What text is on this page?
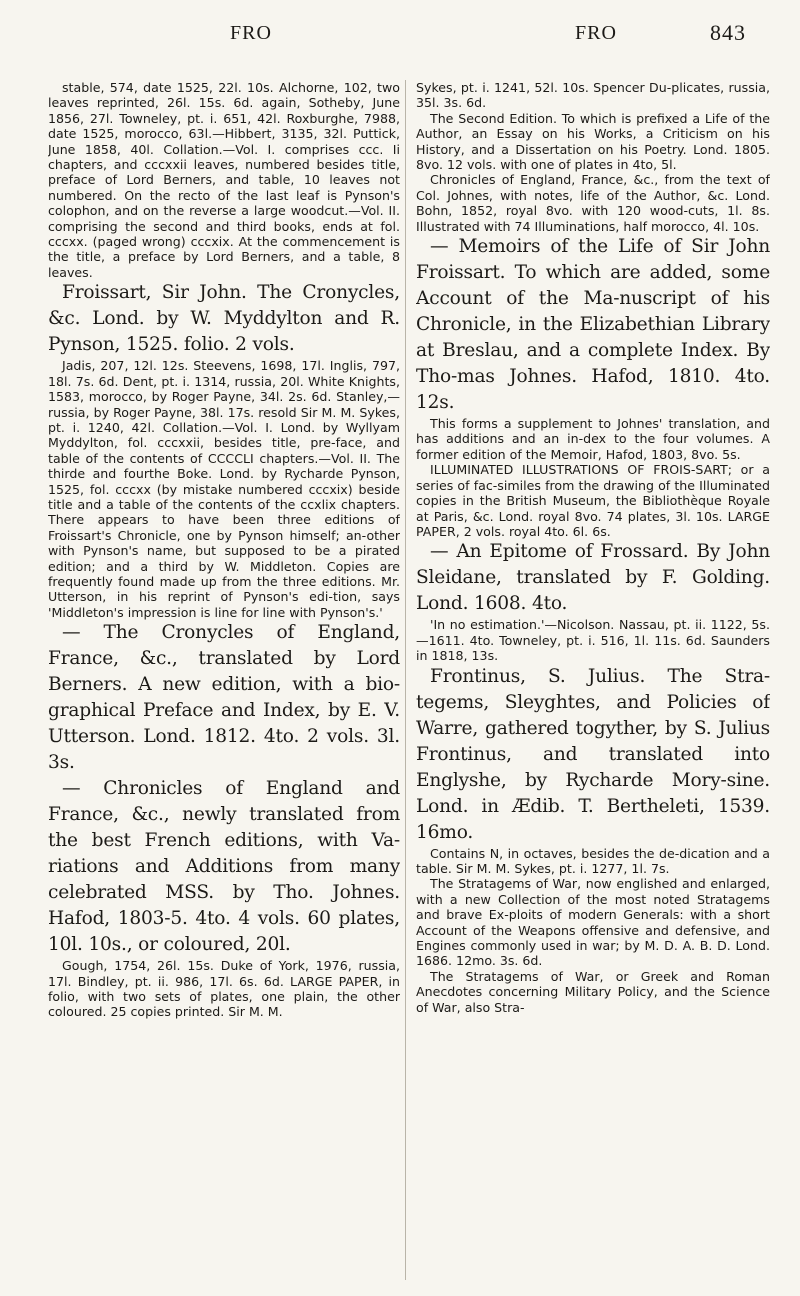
FRO	FRO	843

stable, 574, date 1525, 22l. 10s. Alchorne, 102, two leaves reprinted, 26l. 15s. 6d. again, Sotheby, June 1856, 27l. Towneley, pt. i. 651, 42l. Roxburghe, 7988, date 1525, morocco, 63l.—Hibbert, 3135, 32l. Puttick, June 1858, 40l. Collation.—Vol. I. comprises ccc. Ii chapters, and cccxxii leaves, numbered besides title, preface of Lord Berners, and table, 10 leaves not numbered. On the recto of the last leaf is Pynson's colophon, and on the reverse a large woodcut.—Vol. II. comprising the second and third books, ends at fol. cccxx. (paged wrong) cccxix. At the commencement is the title, a preface by Lord Berners, and a table, 8 leaves.

Froissart, Sir John. The Cronycles, &c. Lond. by W. Myddylton and R. Pynson, 1525. folio. 2 vols.

Jadis, 207, 12l. 12s. Steevens, 1698, 17l. Inglis, 797, 18l. 7s. 6d. Dent, pt. i. 1314, russia, 20l. White Knights, 1583, morocco, by Roger Payne, 34l. 2s. 6d. Stanley,—russia, by Roger Payne, 38l. 17s. resold Sir M. M. Sykes, pt. i. 1240, 42l. Collation.—Vol. I. Lond. by Wyllyam Myddylton, fol. cccxxii, besides title, pre-face, and table of the contents of CCCCLI chapters.—Vol. II. The thirde and fourthe Boke. Lond. by Rycharde Pynson, 1525, fol. cccxx (by mistake numbered cccxix) beside title and a table of the contents of the ccxlix chapters. There appears to have been three editions of Froissart's Chronicle, one by Pynson himself; an-other with Pynson's name, but supposed to be a pirated edition; and a third by W. Middleton. Copies are frequently found made up from the three editions. Mr. Utterson, in his reprint of Pynson's edi-tion, says 'Middleton's impression is line for line with Pynson's.'

— The Cronycles of England, France, &c., translated by Lord Berners. A new edition, with a bio-graphical Preface and Index, by E. V. Utterson. Lond. 1812. 4to. 2 vols. 3l. 3s.

— Chronicles of England and France, &c., newly translated from the best French editions, with Va-riations and Additions from many celebrated MSS. by Tho. Johnes. Hafod, 1803-5. 4to. 4 vols. 60 plates, 10l. 10s., or coloured, 20l.

Gough, 1754, 26l. 15s. Duke of York, 1976, russia, 17l. Bindley, pt. ii. 986, 17l. 6s. 6d. LARGE PAPER, in folio, with two sets of plates, one plain, the other coloured. 25 copies printed. Sir M. M.

Sykes, pt. i. 1241, 52l. 10s. Spencer Du-plicates, russia, 35l. 3s. 6d.

The Second Edition. To which is prefixed a Life of the Author, an Essay on his Works, a Criticism on his History, and a Dissertation on his Poetry. Lond. 1805. 8vo. 12 vols. with one of plates in 4to, 5l.

Chronicles of England, France, &c., from the text of Col. Johnes, with notes, life of the Author, &c. Lond. Bohn, 1852, royal 8vo. with 120 wood-cuts, 1l. 8s. Illustrated with 74 Illuminations, half morocco, 4l. 10s.

— Memoirs of the Life of Sir John Froissart. To which are added, some Account of the Ma-nuscript of his Chronicle, in the Elizabethian Library at Breslau, and a complete Index. By Tho-mas Johnes. Hafod, 1810. 4to. 12s.

This forms a supplement to Johnes' translation, and has additions and an in-dex to the four volumes. A former edition of the Memoir, Hafod, 1803, 8vo. 5s.

ILLUMINATED ILLUSTRATIONS OF FROIS-SART; or a series of fac-similes from the drawing of the Illuminated copies in the British Museum, the Bibliothèque Royale at Paris, &c. Lond. royal 8vo. 74 plates, 3l. 10s. LARGE PAPER, 2 vols. royal 4to. 6l. 6s.

— An Epitome of Frossard. By John Sleidane, translated by F. Golding. Lond. 1608. 4to.

'In no estimation.'—Nicolson. Nassau, pt. ii. 1122, 5s.—1611. 4to. Towneley, pt. i. 516, 1l. 11s. 6d. Saunders in 1818, 13s.

Frontinus, S. Julius. The Stra-tegems, Sleyghtes, and Policies of Warre, gathered togyther, by S. Julius Frontinus, and translated into Englyshe, by Rycharde Mory-sine. Lond. in Ædib. T. Bertheleti, 1539. 16mo.

Contains N, in octaves, besides the de-dication and a table. Sir M. M. Sykes, pt. i. 1277, 1l. 7s.

The Stratagems of War, now englished and enlarged, with a new Collection of the most noted Stratagems and brave Ex-ploits of modern Generals: with a short Account of the Weapons offensive and defensive, and Engines commonly used in war; by M. D. A. B. D. Lond. 1686. 12mo. 3s. 6d.

The Stratagems of War, or Greek and Roman Anecdotes concerning Military Policy, and the Science of War, also Stra-
